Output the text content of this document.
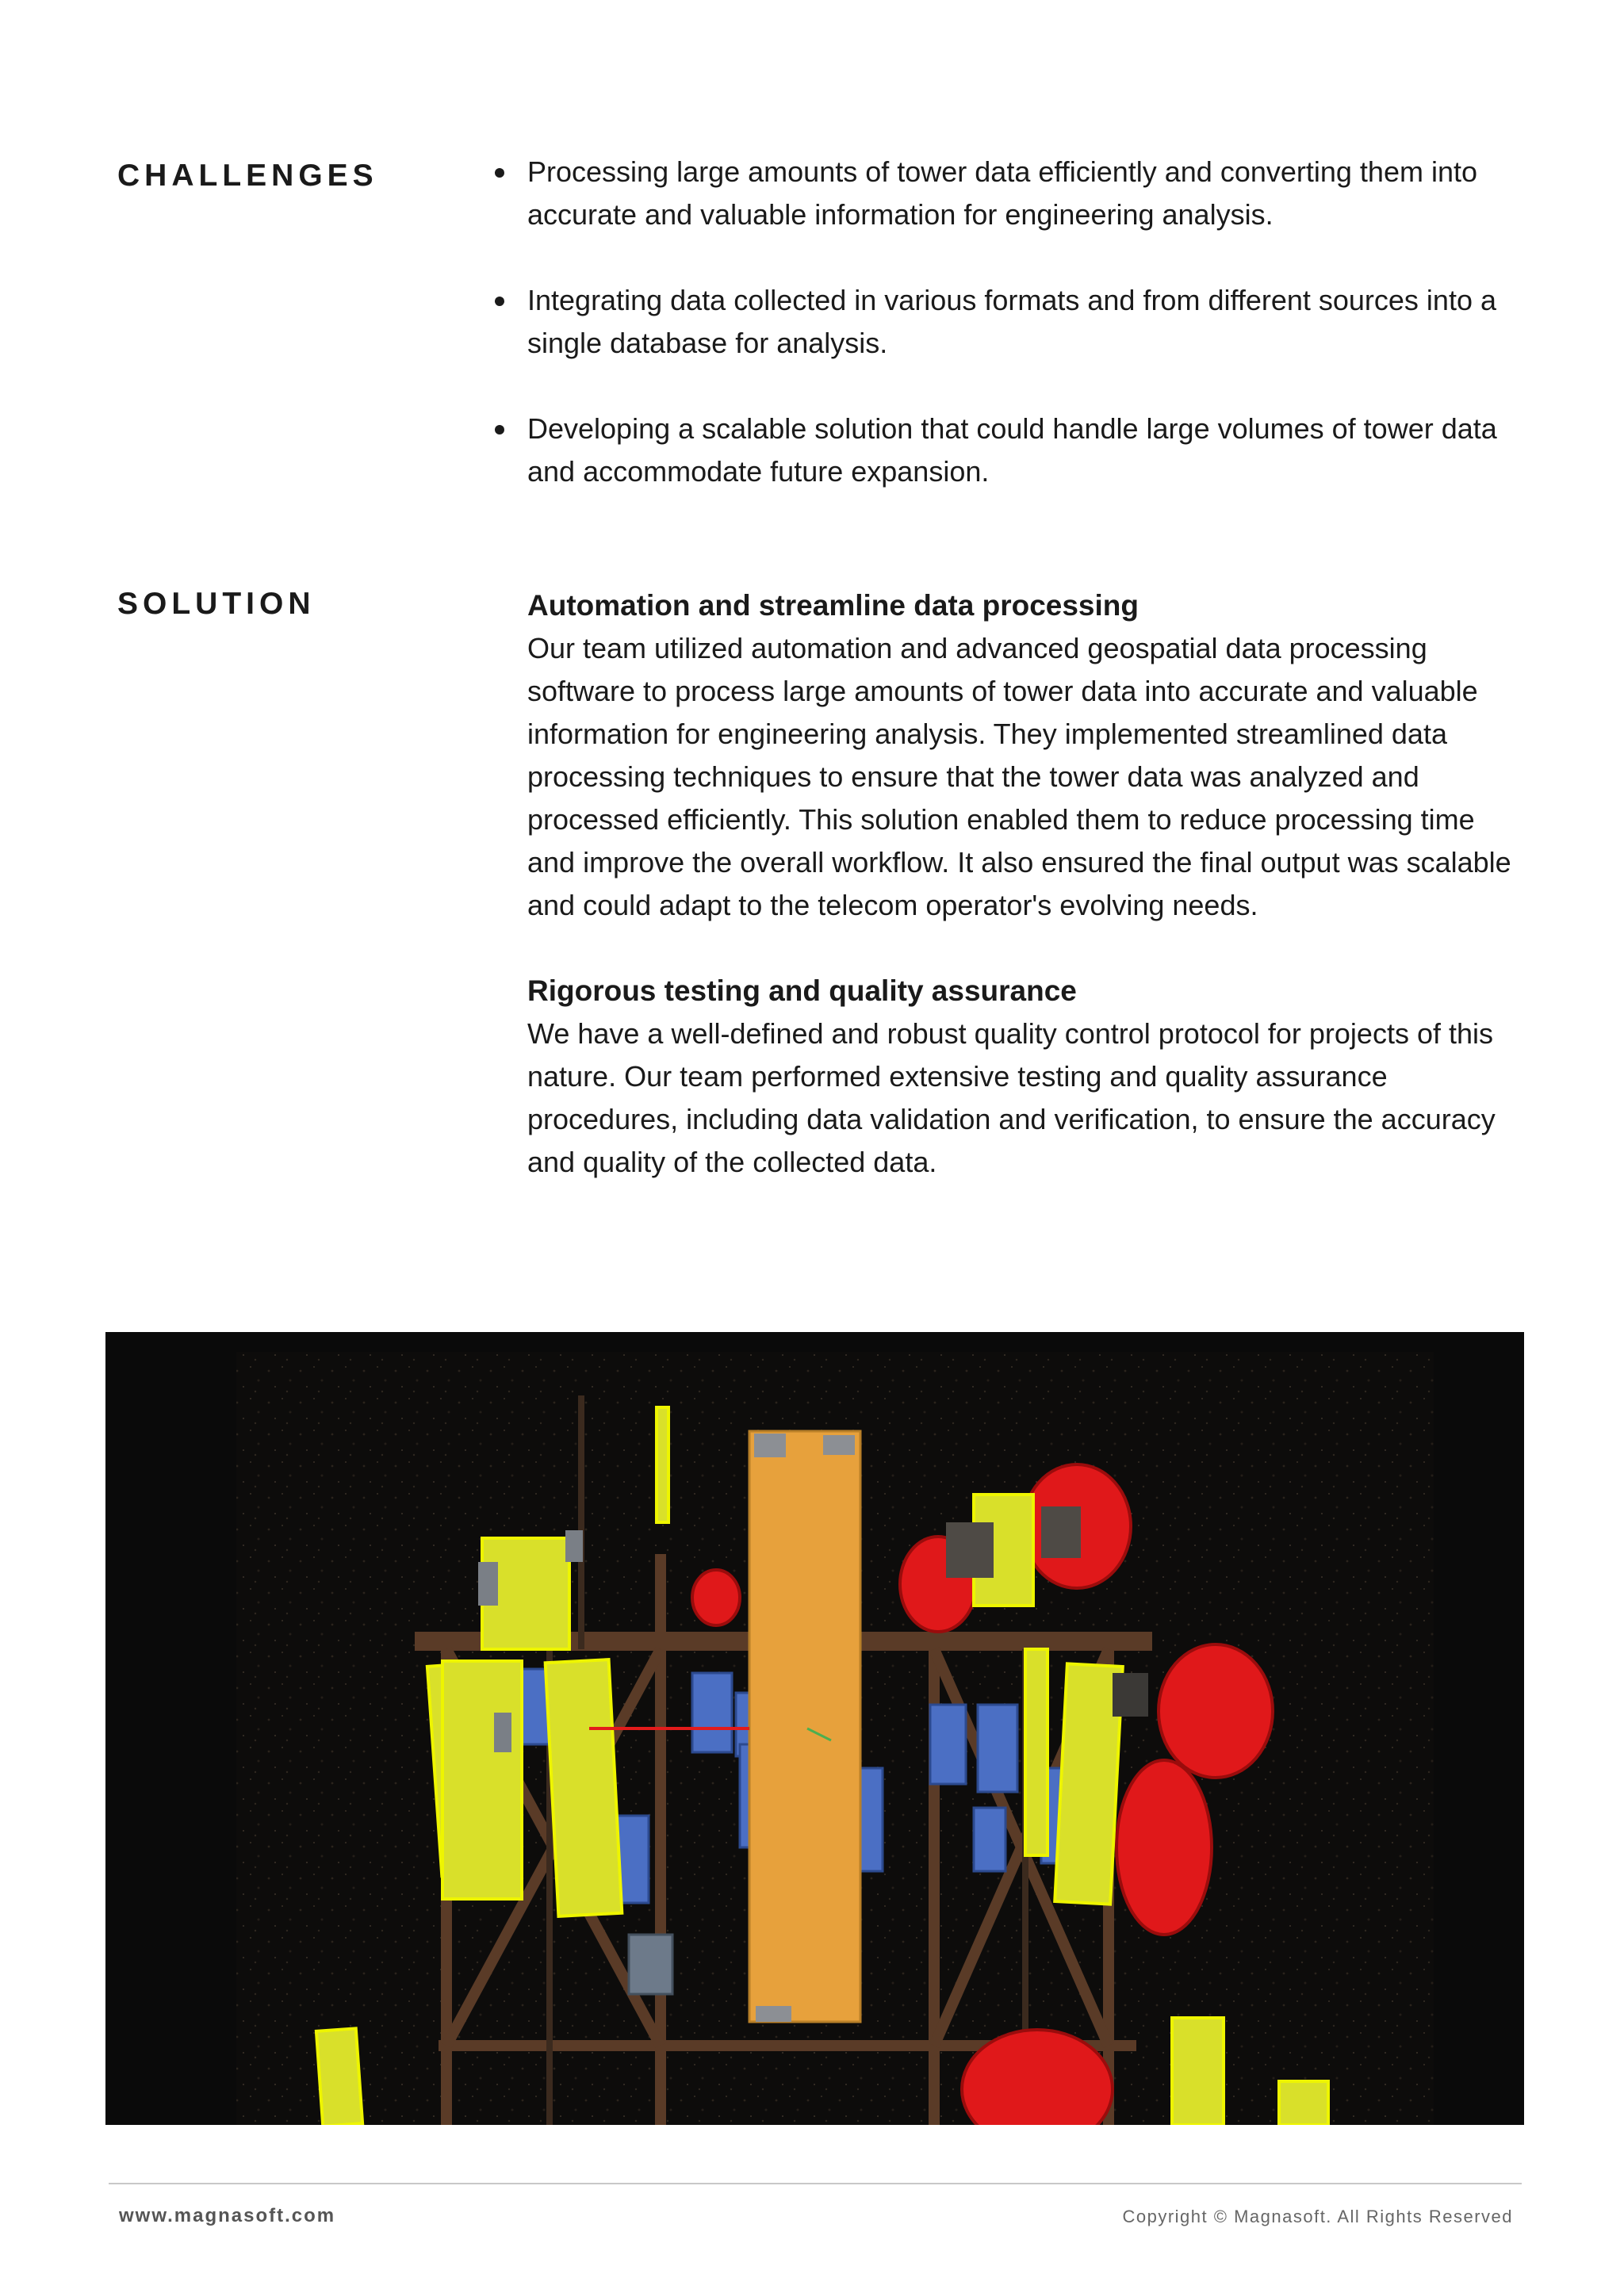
CHALLENGES	Processing large amounts of tower data efficiently and converting them into accurate and valuable information for engineering analysis.
Integrating data collected in various formats and from different sources into a single database for analysis.
Developing a scalable solution that could handle large volumes of tower data and accommodate future expansion.
SOLUTION	Automation and streamline data processing

Our team utilized automation and advanced geospatial data processing software to process large amounts of tower data into accurate and valuable information for engineering analysis. They implemented streamlined data processing techniques to ensure that the tower data was analyzed and processed efficiently. This solution enabled them to reduce processing time and improve the overall workflow. It also ensured the final output was scalable and could adapt to the telecom operator's evolving needs.

Rigorous testing and quality assurance

We have a well-defined and robust quality control protocol for projects of this nature. Our team performed extensive testing and quality assurance procedures, including data validation and verification, to ensure the accuracy and quality of the collected data.

www.magnasoft.com	Copyright © Magnasoft. All Rights Reserved
